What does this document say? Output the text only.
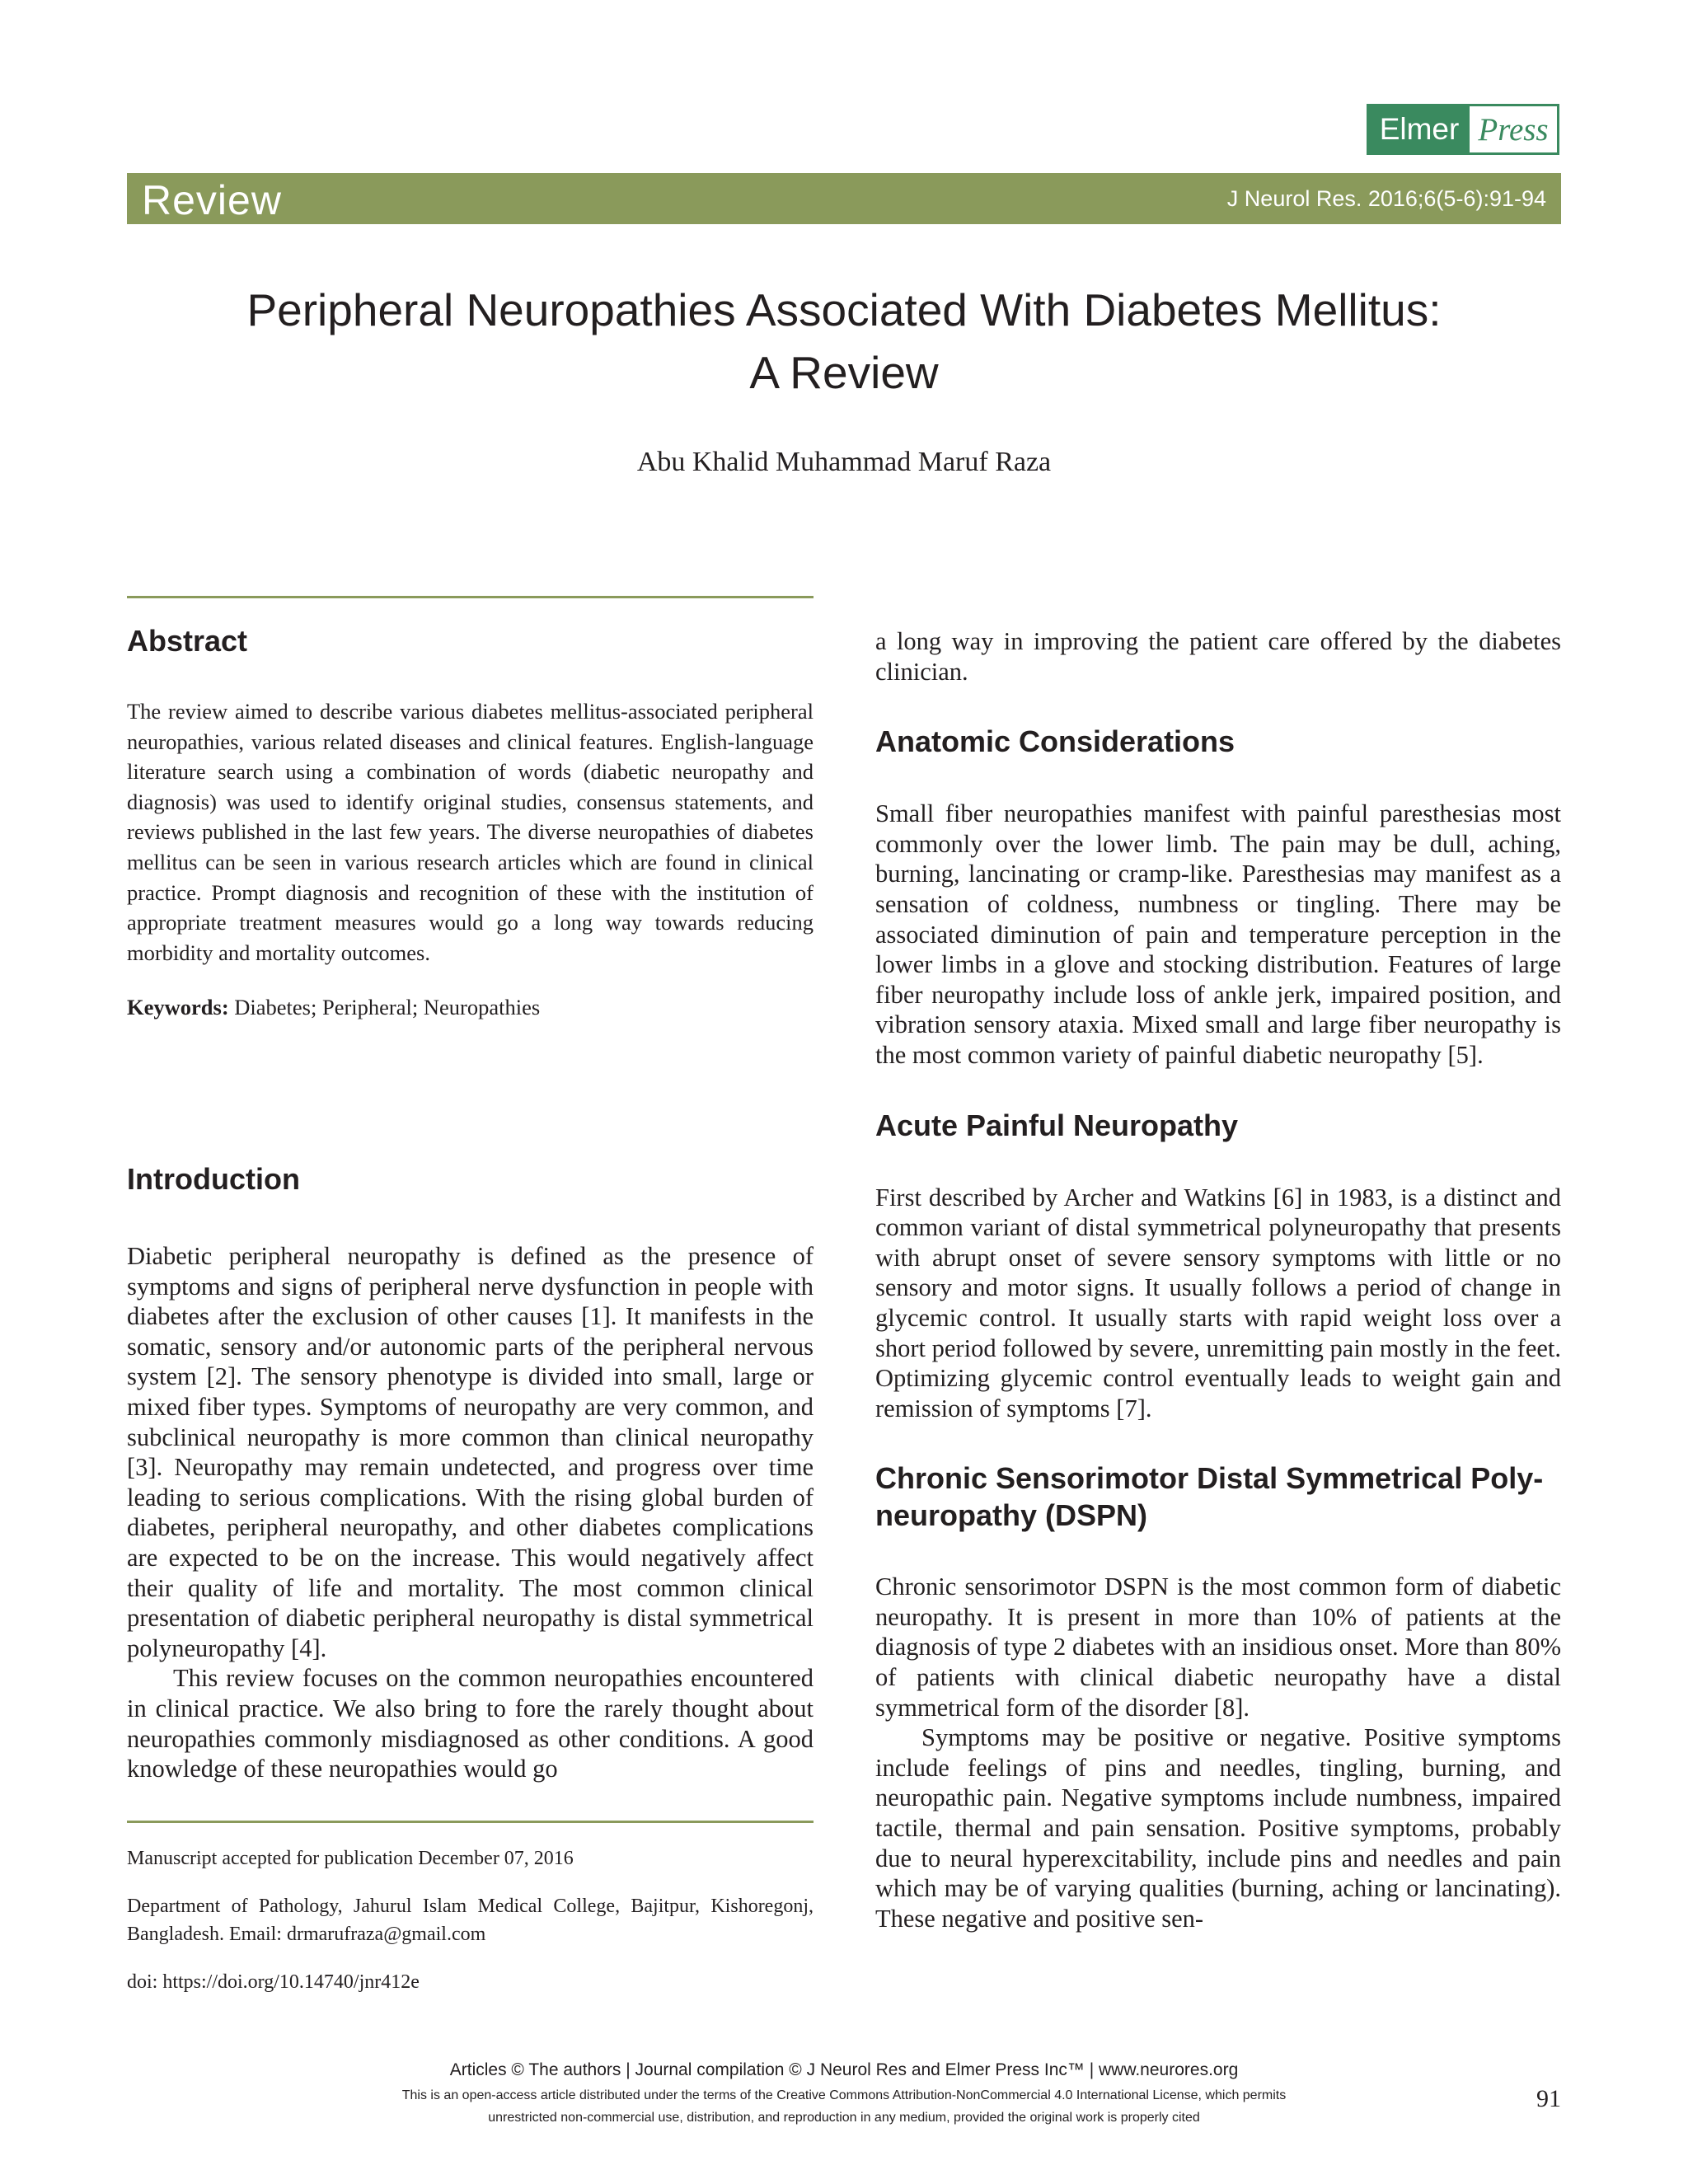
Elmer Press
Review	J Neurol Res. 2016;6(5-6):91-94
Peripheral Neuropathies Associated With Diabetes Mellitus:
A Review
Abu Khalid Muhammad Maruf Raza
Abstract

The review aimed to describe various diabetes mellitus-associated peripheral neuropathies, various related diseases and clinical features. English-language literature search using a combination of words (diabetic neuropathy and diagnosis) was used to identify original studies, consensus statements, and reviews published in the last few years. The diverse neuropathies of diabetes mellitus can be seen in various research articles which are found in clinical practice. Prompt diagnosis and recognition of these with the institution of appropriate treatment measures would go a long way towards reducing morbidity and mortality outcomes.

Keywords: Diabetes; Peripheral; Neuropathies

Introduction

Diabetic peripheral neuropathy is defined as the presence of symptoms and signs of peripheral nerve dysfunction in people with diabetes after the exclusion of other causes [1]. It manifests in the somatic, sensory and/or autonomic parts of the peripheral nervous system [2]. The sensory phenotype is divided into small, large or mixed fiber types. Symptoms of neuropathy are very common, and subclinical neuropathy is more common than clinical neuropathy [3]. Neuropathy may remain undetected, and progress over time leading to serious complications. With the rising global burden of diabetes, peripheral neuropathy, and other diabetes complications are expected to be on the increase. This would negatively affect their quality of life and mortality. The most common clinical presentation of diabetic peripheral neuropathy is distal symmetrical polyneuropathy [4].

This review focuses on the common neuropathies encountered in clinical practice. We also bring to fore the rarely thought about neuropathies commonly misdiagnosed as other conditions. A good knowledge of these neuropathies would go

Manuscript accepted for publication December 07, 2016

Department of Pathology, Jahurul Islam Medical College, Bajitpur, Kishoregonj, Bangladesh. Email: drmarufraza@gmail.com

doi: https://doi.org/10.14740/jnr412e

a long way in improving the patient care offered by the diabetes clinician.

Anatomic Considerations

Small fiber neuropathies manifest with painful paresthesias most commonly over the lower limb. The pain may be dull, aching, burning, lancinating or cramp-like. Paresthesias may manifest as a sensation of coldness, numbness or tingling. There may be associated diminution of pain and temperature perception in the lower limbs in a glove and stocking distribution. Features of large fiber neuropathy include loss of ankle jerk, impaired position, and vibration sensory ataxia. Mixed small and large fiber neuropathy is the most common variety of painful diabetic neuropathy [5].

Acute Painful Neuropathy

First described by Archer and Watkins [6] in 1983, is a distinct and common variant of distal symmetrical polyneuropathy that presents with abrupt onset of severe sensory symptoms with little or no sensory and motor signs. It usually follows a period of change in glycemic control. It usually starts with rapid weight loss over a short period followed by severe, unremitting pain mostly in the feet. Optimizing glycemic control eventually leads to weight gain and remission of symptoms [7].

Chronic Sensorimotor Distal Symmetrical Poly-
neuropathy (DSPN)

Chronic sensorimotor DSPN is the most common form of diabetic neuropathy. It is present in more than 10% of patients at the diagnosis of type 2 diabetes with an insidious onset. More than 80% of patients with clinical diabetic neuropathy have a distal symmetrical form of the disorder [8].

Symptoms may be positive or negative. Positive symptoms include feelings of pins and needles, tingling, burning, and neuropathic pain. Negative symptoms include numbness, impaired tactile, thermal and pain sensation. Positive symptoms, probably due to neural hyperexcitability, include pins and needles and pain which may be of varying qualities (burning, aching or lancinating). These negative and positive sen-

Articles © The authors | Journal compilation © J Neurol Res and Elmer Press Inc™ | www.neurores.org
This is an open-access article distributed under the terms of the Creative Commons Attribution-NonCommercial 4.0 International License, which permits
unrestricted non-commercial use, distribution, and reproduction in any medium, provided the original work is properly cited
91
